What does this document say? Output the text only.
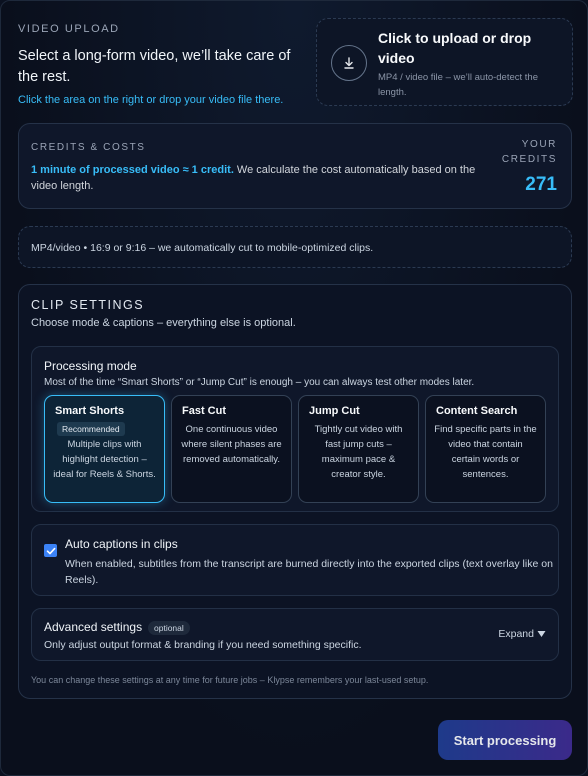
VIDEO UPLOAD
Select a long-form video, we’ll take care of the rest.
Click the area on the right or drop your video file there.
Click to upload or drop video
MP4 / video file – we’ll auto-detect the length.
CREDITS & COSTS
1 minute of processed video ≈ 1 credit. We calculate the cost automatically based on the video length.
YOUR CREDITS
271
MP4/video • 16:9 or 9:16 – we automatically cut to mobile-optimized clips.
CLIP SETTINGS
Choose mode & captions – everything else is optional.
Processing mode
Most of the time “Smart Shorts” or “Jump Cut” is enough – you can always test other modes later.
Smart Shorts
Recommended
Multiple clips with highlight detection – ideal for Reels & Shorts.
Fast Cut
One continuous video where silent phases are removed automatically.
Jump Cut
Tightly cut video with fast jump cuts – maximum pace & creator style.
Content Search
Find specific parts in the video that contain certain words or sentences.
Auto captions in clips
When enabled, subtitles from the transcript are burned directly into the exported clips (text overlay like on Reels).
Advanced settings	optional
Only adjust output format & branding if you need something specific.
Expand
You can change these settings at any time for future jobs – Klypse remembers your last-used setup.
Start processing
